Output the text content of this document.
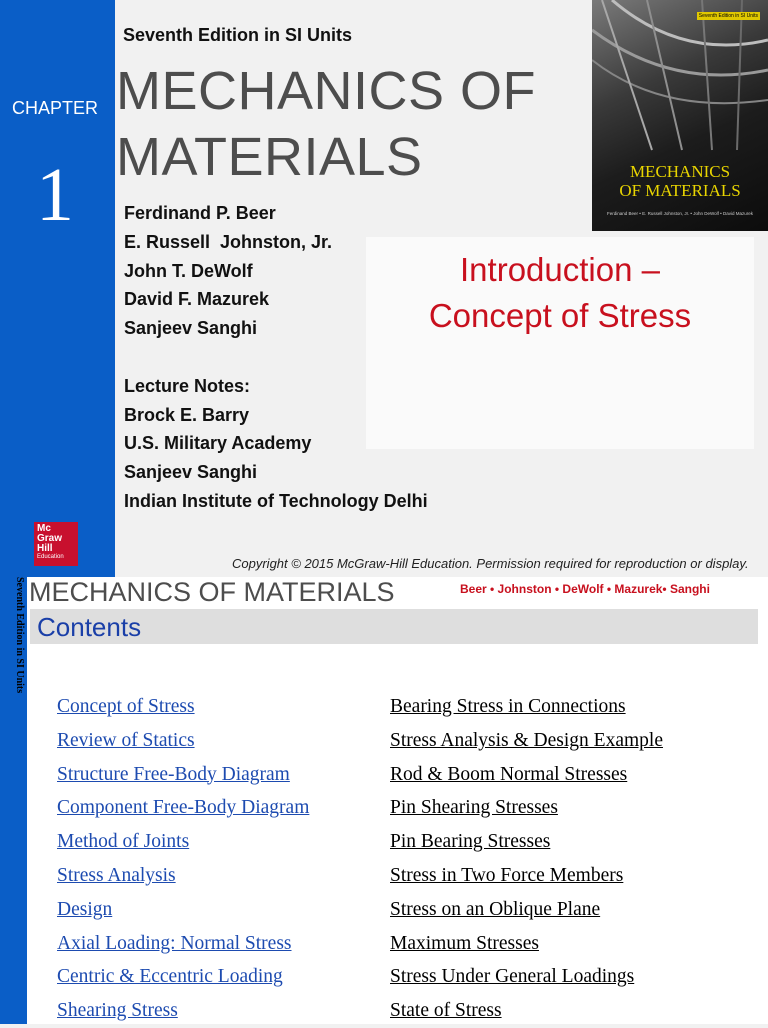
CHAPTER
1
Mc
Graw
Hill
Education
Seventh Edition in SI Units
MECHANICS OF
MATERIALS
Ferdinand P. Beer
E. Russell  Johnston, Jr.
John T. DeWolf
David F. Mazurek
Sanjeev Sanghi
Lecture Notes:
Brock E. Barry
U.S. Military Academy
Sanjeev Sanghi
Indian Institute of Technology Delhi
Introduction –
Concept of Stress
Seventh Edition in SI Units
MECHANICS
OF MATERIALS
Ferdinand Beer • E. Russell Johnston, Jr. • John DeWolf • David Mazurek
Copyright © 2015 McGraw-Hill Education. Permission required for reproduction or display.
Seventh Edition in SI Units MECHANICS OF MATERIALS	Beer • Johnston • DeWolf • Mazurek• Sanghi
Contents
Concept of Stress
Review of Statics
Structure Free-Body Diagram
Component Free-Body Diagram
Method of Joints
Stress Analysis
Design
Axial Loading: Normal Stress
Centric & Eccentric Loading
Shearing Stress
Bearing Stress in Connections
Stress Analysis & Design Example
Rod & Boom Normal Stresses
Pin Shearing Stresses
Pin Bearing Stresses
Stress in Two Force Members
Stress on an Oblique Plane
Maximum Stresses
Stress Under General Loadings
State of Stress
